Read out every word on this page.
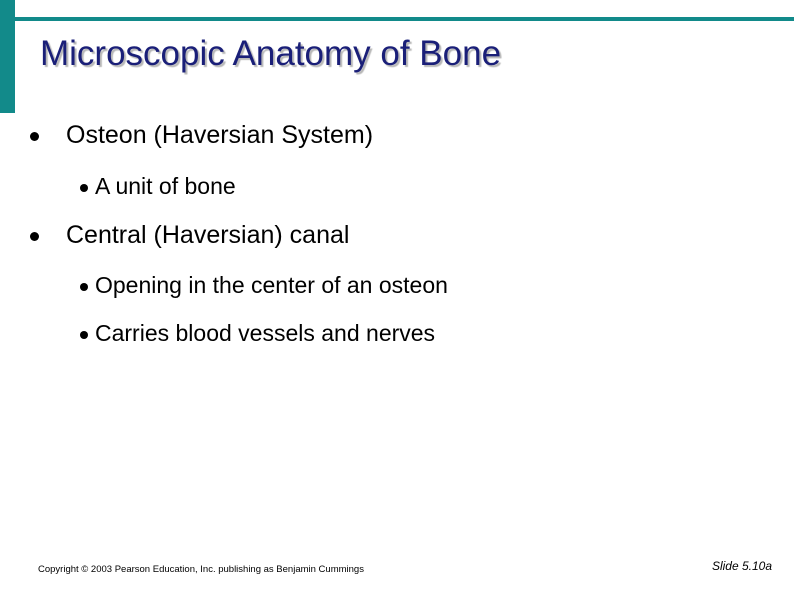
Microscopic Anatomy of Bone
Osteon (Haversian System)
A unit of bone
Central (Haversian) canal
Opening in the center of an osteon
Carries blood vessels and nerves
Copyright © 2003 Pearson Education, Inc. publishing as Benjamin Cummings	Slide 5.10a
